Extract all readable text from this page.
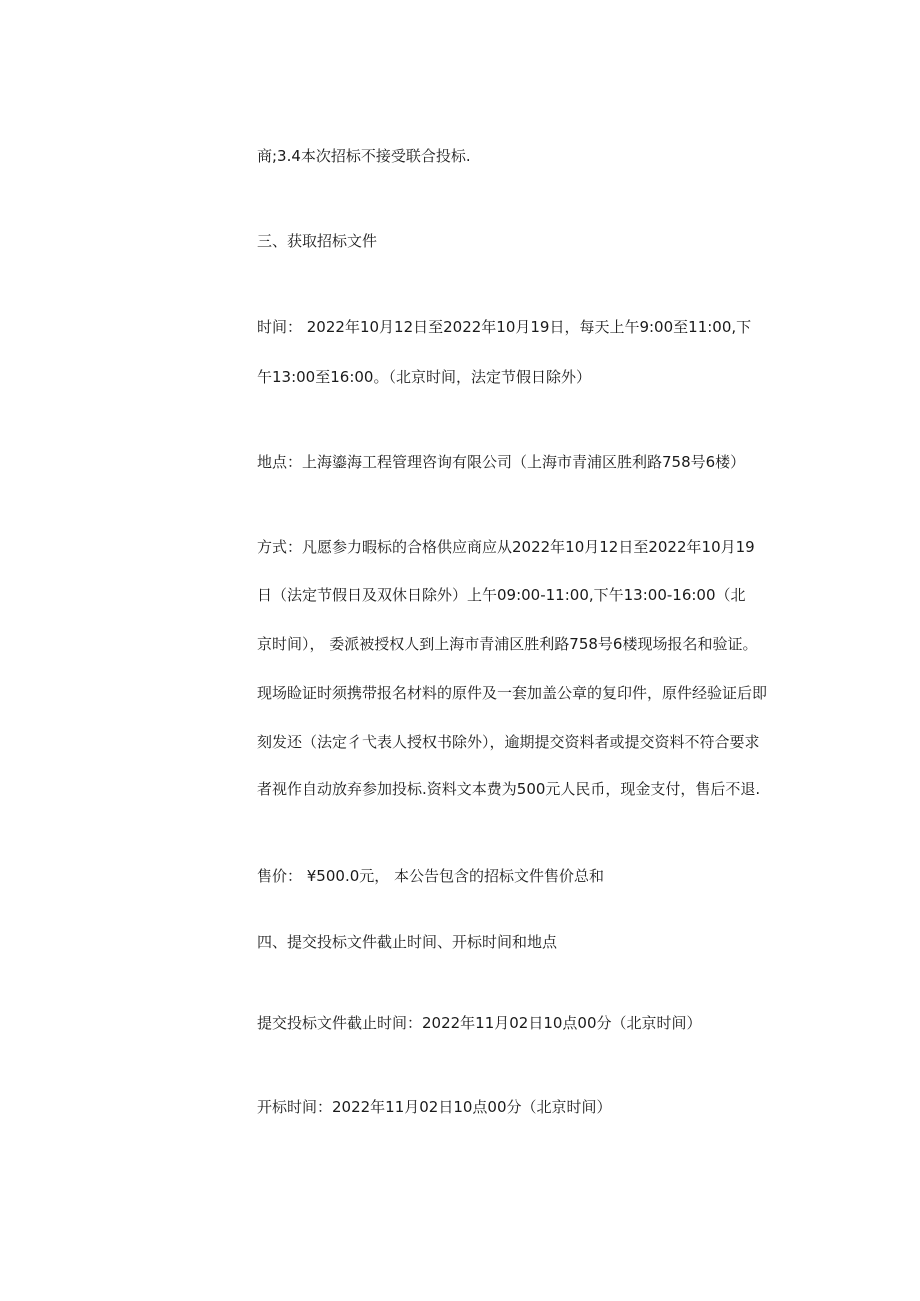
商;3.4本次招标不接受联合投标.
三、获取招标文件
时间： 2022年10月12日至2022年10月19日，每天上午9:00至11:00,下
午13:00至16:00。（北京时间，法定节假日除外）
地点：上海鎏海工程管理咨询有限公司（上海市青浦区胜利路758号6楼）
方式：凡愿参力暇标的合格供应商应从2022年10月12日至2022年10月19
日（法定节假日及双休日除外）上午09:00-11:00,下午13:00-16:00（北
京时间）， 委派被授权人到上海市青浦区胜利路758号6楼现场报名和验证。
现场睑证时须携带报名材料的原件及一套加盖公章的复印件，原件经验证后即
刻发还（法定彳弋表人授权书除外），逾期提交资料者或提交资料不符合要求
者视作自动放弃参加投标.资料文本费为500元人民币，现金支付，售后不退.
售价： ¥500.0元， 本公告包含的招标文件售价总和
四、提交投标文件截止时间、开标时间和地点
提交投标文件截止时间：2022年11月02日10点00分（北京时间）
开标时间：2022年11月02日10点00分（北京时间）
